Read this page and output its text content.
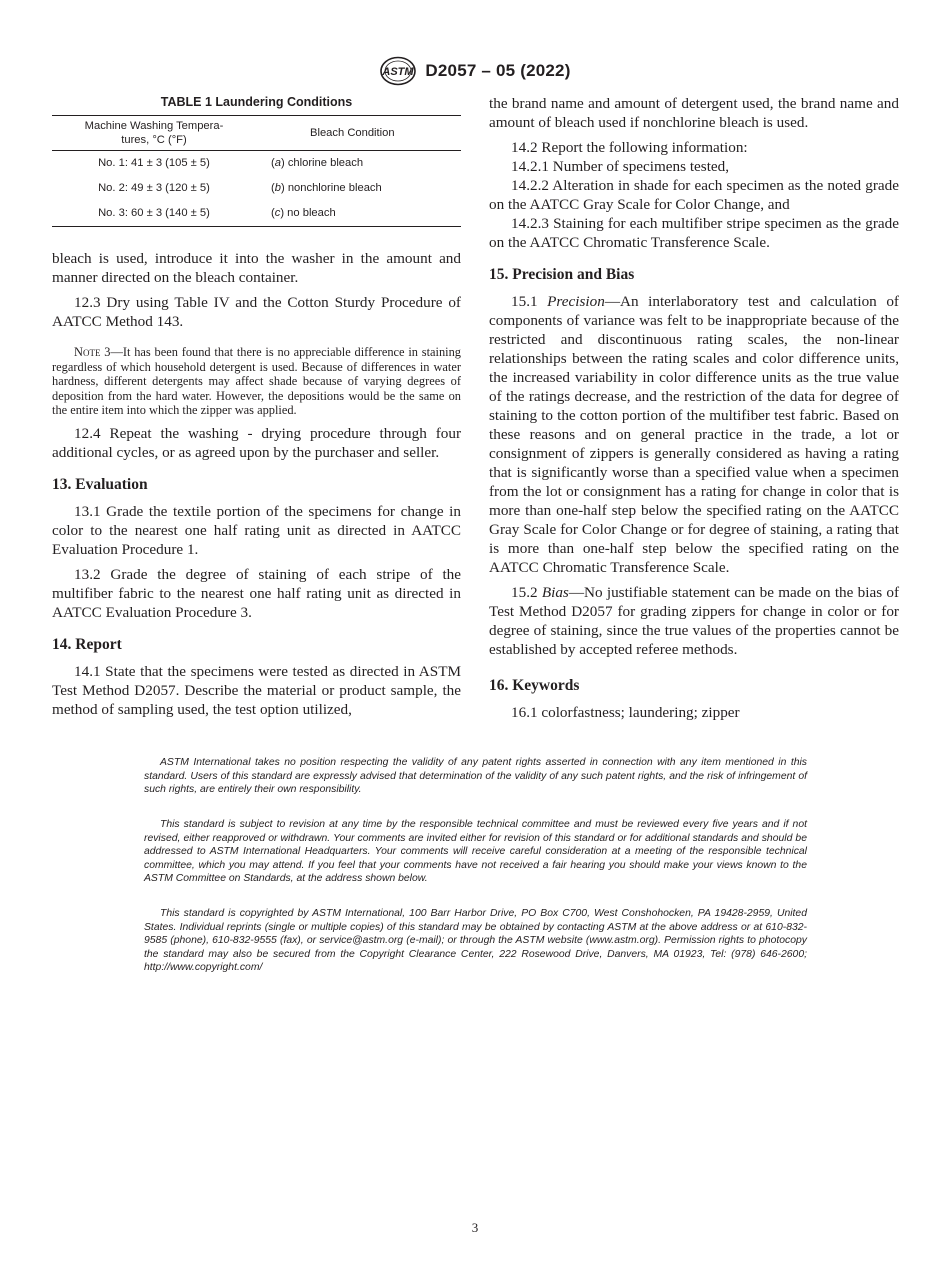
ASTM D2057 – 05 (2022)
TABLE 1 Laundering Conditions
Machine Washing Tempera-
tures, °C (°F)	Bleach Condition
No. 1: 41 ± 3 (105 ± 5)	(a) chlorine bleach
No. 2: 49 ± 3 (120 ± 5)	(b) nonchlorine bleach
No. 3: 60 ± 3 (140 ± 5)	(c) no bleach

bleach is used, introduce it into the washer in the amount and manner directed on the bleach container.

12.3 Dry using Table IV and the Cotton Sturdy Procedure of AATCC Method 143.

Note 3—It has been found that there is no appreciable difference in staining regardless of which household detergent is used. Because of differences in water hardness, different detergents may affect shade because of varying degrees of deposition from the hard water. However, the depositions would be the same on the entire item into which the zipper was applied.

12.4 Repeat the washing - drying procedure through four additional cycles, or as agreed upon by the purchaser and seller.

13. Evaluation

13.1 Grade the textile portion of the specimens for change in color to the nearest one half rating unit as directed in AATCC Evaluation Procedure 1.

13.2 Grade the degree of staining of each stripe of the multifiber fabric to the nearest one half rating unit as directed in AATCC Evaluation Procedure 3.

14. Report

14.1 State that the specimens were tested as directed in ASTM Test Method D2057. Describe the material or product sample, the method of sampling used, the test option utilized,

the brand name and amount of detergent used, the brand name and amount of bleach used if nonchlorine bleach is used.

14.2 Report the following information:

14.2.1 Number of specimens tested,

14.2.2 Alteration in shade for each specimen as the noted grade on the AATCC Gray Scale for Color Change, and

14.2.3 Staining for each multifiber stripe specimen as the grade on the AATCC Chromatic Transference Scale.

15. Precision and Bias

15.1 Precision—An interlaboratory test and calculation of components of variance was felt to be inappropriate because of the restricted and discontinuous rating scales, the non-linear relationships between the rating scales and color difference units, the increased variability in color difference units as the true value of the ratings decrease, and the restriction of the data for degree of staining to the cotton portion of the multifiber test fabric. Based on these reasons and on general practice in the trade, a lot or consignment of zippers is generally considered as having a rating that is significantly worse than a specified value when a specimen from the lot or consignment has a rating for change in color that is more than one-half step below the specified rating on the AATCC Gray Scale for Color Change or for degree of staining, a rating that is more than one-half step below the specified rating on the AATCC Chromatic Transference Scale.

15.2 Bias—No justifiable statement can be made on the bias of Test Method D2057 for grading zippers for change in color or for degree of staining, since the true values of the properties cannot be established by accepted referee methods.

16. Keywords

16.1 colorfastness; laundering; zipper

ASTM International takes no position respecting the validity of any patent rights asserted in connection with any item mentioned in this standard. Users of this standard are expressly advised that determination of the validity of any such patent rights, and the risk of infringement of such rights, are entirely their own responsibility.

This standard is subject to revision at any time by the responsible technical committee and must be reviewed every five years and if not revised, either reapproved or withdrawn. Your comments are invited either for revision of this standard or for additional standards and should be addressed to ASTM International Headquarters. Your comments will receive careful consideration at a meeting of the responsible technical committee, which you may attend. If you feel that your comments have not received a fair hearing you should make your views known to the ASTM Committee on Standards, at the address shown below.

This standard is copyrighted by ASTM International, 100 Barr Harbor Drive, PO Box C700, West Conshohocken, PA 19428-2959, United States. Individual reprints (single or multiple copies) of this standard may be obtained by contacting ASTM at the above address or at 610-832-9585 (phone), 610-832-9555 (fax), or service@astm.org (e-mail); or through the ASTM website (www.astm.org). Permission rights to photocopy the standard may also be secured from the Copyright Clearance Center, 222 Rosewood Drive, Danvers, MA 01923, Tel: (978) 646-2600; http://www.copyright.com/

3
